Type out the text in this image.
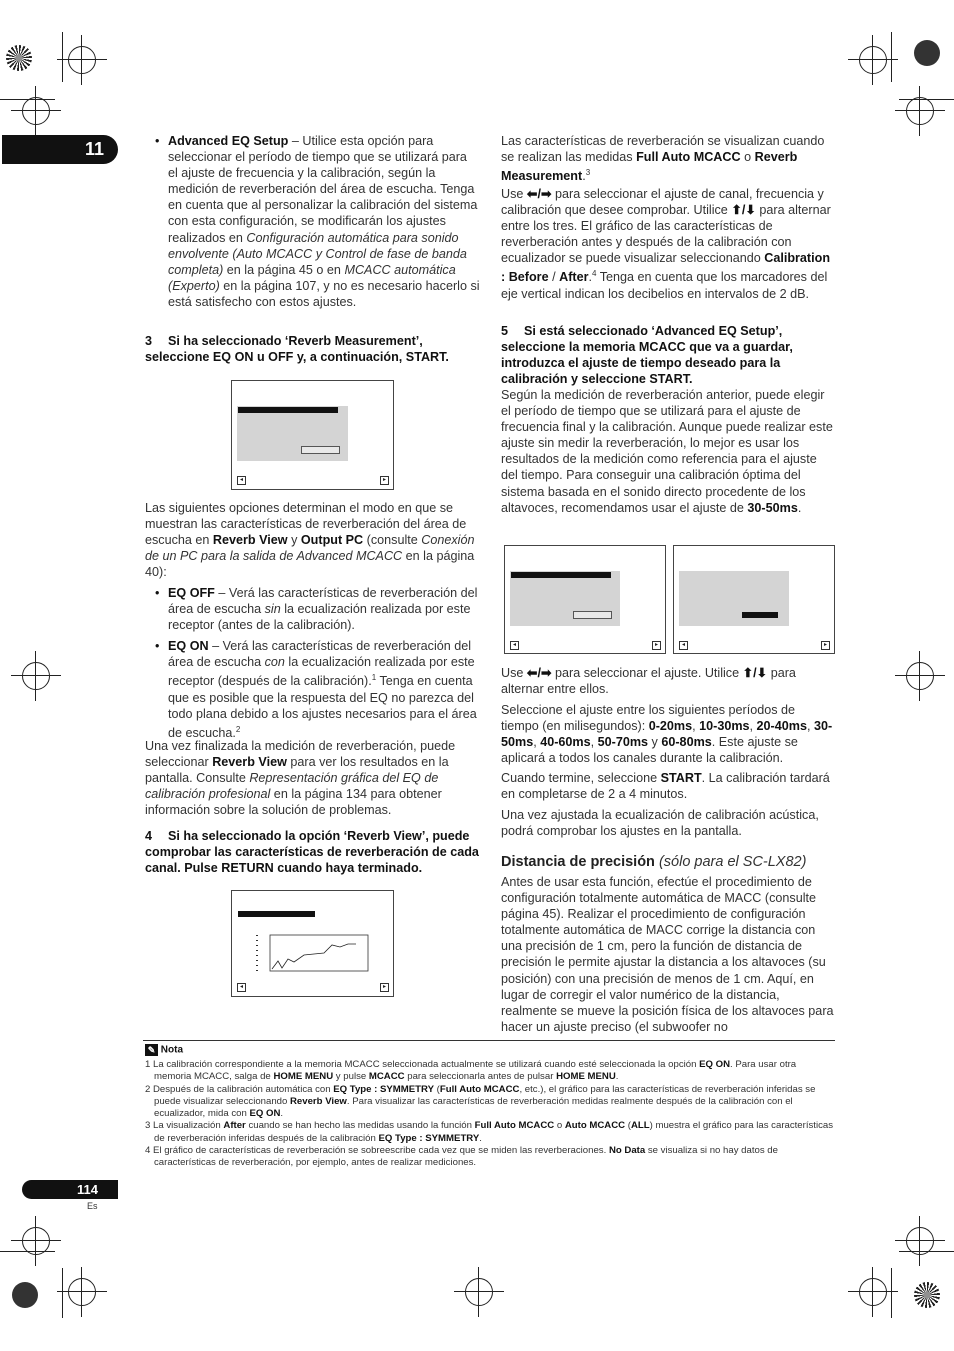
11

•	Advanced EQ Setup – Utilice esta opción para seleccionar el período de tiempo que se utilizará para el ajuste de frecuencia y la calibración, según la medición de reverberación del área de escucha. Tenga en cuenta que al personalizar la calibración del sistema con esta configuración, se modificarán los ajustes realizados en Configuración automática para sonido envolvente (Auto MCACC y Control de fase de banda completa) en la página 45 o en MCACC automática (Experto) en la página 107, y no es necesario hacerlo si está satisfecho con estos ajustes.

3 Si ha seleccionado ‘Reverb Measurement’, seleccione EQ ON u OFF y, a continuación, START.
◂	▸
Las siguientes opciones determinan el modo en que se muestran las características de reverberación del área de escucha en Reverb View y Output PC (consulte Conexión de un PC para la salida de Advanced MCACC en la página 40):

• EQ OFF – Verá las características de reverberación del área de escucha sin la ecualización realizada por este receptor (antes de la calibración).

• EQ ON – Verá las características de reverberación del área de escucha con la ecualización realizada por este receptor (después de la calibración).$^1$ Tenga en cuenta que es posible que la respuesta del EQ no parezca del todo plana debido a los ajustes necesarios para el área de escucha.$^2$

Una vez finalizada la medición de reverberación, puede seleccionar Reverb View para ver los resultados en la pantalla. Consulte Representación gráfica del EQ de calibración profesional en la página 134 para obtener información sobre la solución de problemas.
4 Si ha seleccionado la opción ‘Reverb View’, puede comprobar las características de reverberación de cada canal. Pulse RETURN cuando haya terminado.
◂	▸
Las características de reverberación se visualizan cuando se realizan las medidas Full Auto MCACC o Reverb Measurement.$^3$
Use ⬅/➡ para seleccionar el ajuste de canal, frecuencia y calibración que desee comprobar. Utilice ⬆/⬇ para alternar entre los tres. El gráfico de las características de reverberación antes y después de la calibración con ecualizador se puede visualizar seleccionando Calibration : Before / After.$^4$ Tenga en cuenta que los marcadores del eje vertical indican los decibelios en intervalos de 2 dB.
5 Si está seleccionado ‘Advanced EQ Setup’, seleccione la memoria MCACC que va a guardar, introduzca el ajuste de tiempo deseado para la calibración y seleccione START.
Según la medición de reverberación anterior, puede elegir el período de tiempo que se utilizará para el ajuste de frecuencia final y la calibración. Aunque puede realizar este ajuste sin medir la reverberación, lo mejor es usar los resultados de la medición como referencia para el ajuste del tiempo. Para conseguir una calibración óptima del sistema basada en el sonido directo procedente de los altavoces, recomendamos usar el ajuste de 30-50ms.
◂	▸	◂	▸
Use ⬅/➡ para seleccionar el ajuste. Utilice ⬆/⬇ para alternar entre ellos.
Seleccione el ajuste entre los siguientes períodos de tiempo (en milisegundos): 0-20ms, 10-30ms, 20-40ms, 30-50ms, 40-60ms, 50-70ms y 60-80ms. Este ajuste se aplicará a todos los canales durante la calibración.
Cuando termine, seleccione START. La calibración tardará en completarse de 2 a 4 minutos.
Una vez ajustada la ecualización de calibración acústica, podrá comprobar los ajustes en la pantalla.
Distancia de precisión (sólo para el SC-LX82)
Antes de usar esta función, efectúe el procedimiento de configuración totalmente automática de MACC (consulte página 45). Realizar el procedimiento de configuración totalmente automática de MACC corrige la distancia con una precisión de 1 cm, pero la función de distancia de precisión le permite ajustar la distancia a los altavoces (su posición) con una precisión de menos de 1 cm. Aquí, en lugar de corregir el valor numérico de la distancia, realmente se mueve la posición física de los altavoces para hacer un ajuste preciso (el subwoofer no
✎ Nota
1 La calibración correspondiente a la memoria MCACC seleccionada actualmente se utilizará cuando esté seleccionada la opción EQ ON. Para usar otra memoria MCACC, salga de HOME MENU y pulse MCACC para seleccionarla antes de pulsar HOME MENU.
2 Después de la calibración automática con EQ Type : SYMMETRY (Full Auto MCACC, etc.), el gráfico para las características de reverberación inferidas se puede visualizar seleccionando Reverb View. Para visualizar las características de reverberación medidas realmente después de la calibración con el ecualizador, mida con EQ ON.
3 La visualización After cuando se han hecho las medidas usando la función Full Auto MCACC o Auto MCACC (ALL) muestra el gráfico para las características de reverberación inferidas después de la calibración EQ Type : SYMMETRY.
4 El gráfico de características de reverberación se sobreescribe cada vez que se miden las reverberaciones. No Data se visualiza si no hay datos de características de reverberación, por ejemplo, antes de realizar mediciones.
114
Es
